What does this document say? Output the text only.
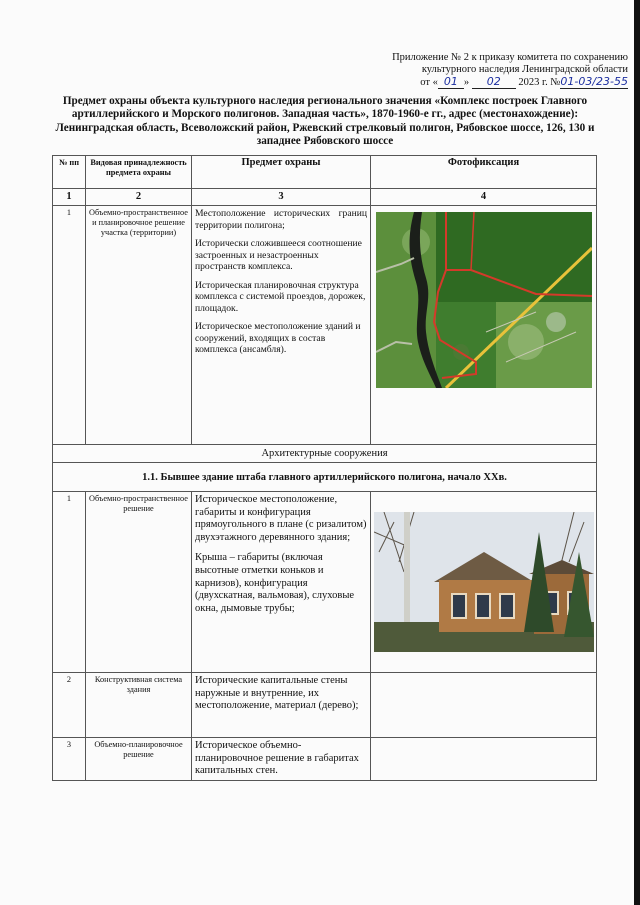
Приложение № 2 к приказу комитета по сохранению
культурного наследия Ленинградской области
от « 01 » 02 2023 г. №01-03/23-55
Предмет охраны объекта культурного наследия регионального значения «Комплекс построек Главного артиллерийского и Морского полигонов. Западная часть», 1870-1960-е гг., адрес (местонахождение): Ленинградская область, Всеволожский район, Ржевский стрелковый полигон, Рябовское шоссе, 126, 130 и западнее Рябовского шоссе
№ пп	Видовая принадлежность предмета охраны	Предмет охраны	Фотофиксация
1	2	3	4
1	Объемно-пространственное и планировочное решение участка (территории)	Местоположение исторических границ территории полигона;

Исторически сложившееся соотношение застроенных и незастроенных пространств комплекса.

Историческая планировочная структура комплекса с системой проездов, дорожек, площадок.

Историческое местоположение зданий и сооружений, входящих в состав комплекса (ансамбля).

Архитектурные сооружения			
1.1. Бывшее здание штаба главного артиллерийского полигона, начало XXв.			
1	Объемно-пространственное решение	Историческое местоположение, габариты и конфигурация прямоугольного в плане (с ризалитом) двухэтажного деревянного здания;

Крыша – габариты (включая высотные отметки коньков и карнизов), конфигурация (двухскатная, вальмовая), слуховые окна, дымовые трубы;

2	Конструктивная система здания	Исторические капитальные стены наружные и внутренние, их местоположение, материал (дерево);	

3	Объемно-планировочное решение	Историческое объемно-планировочное решение в габаритах капитальных стен.	
